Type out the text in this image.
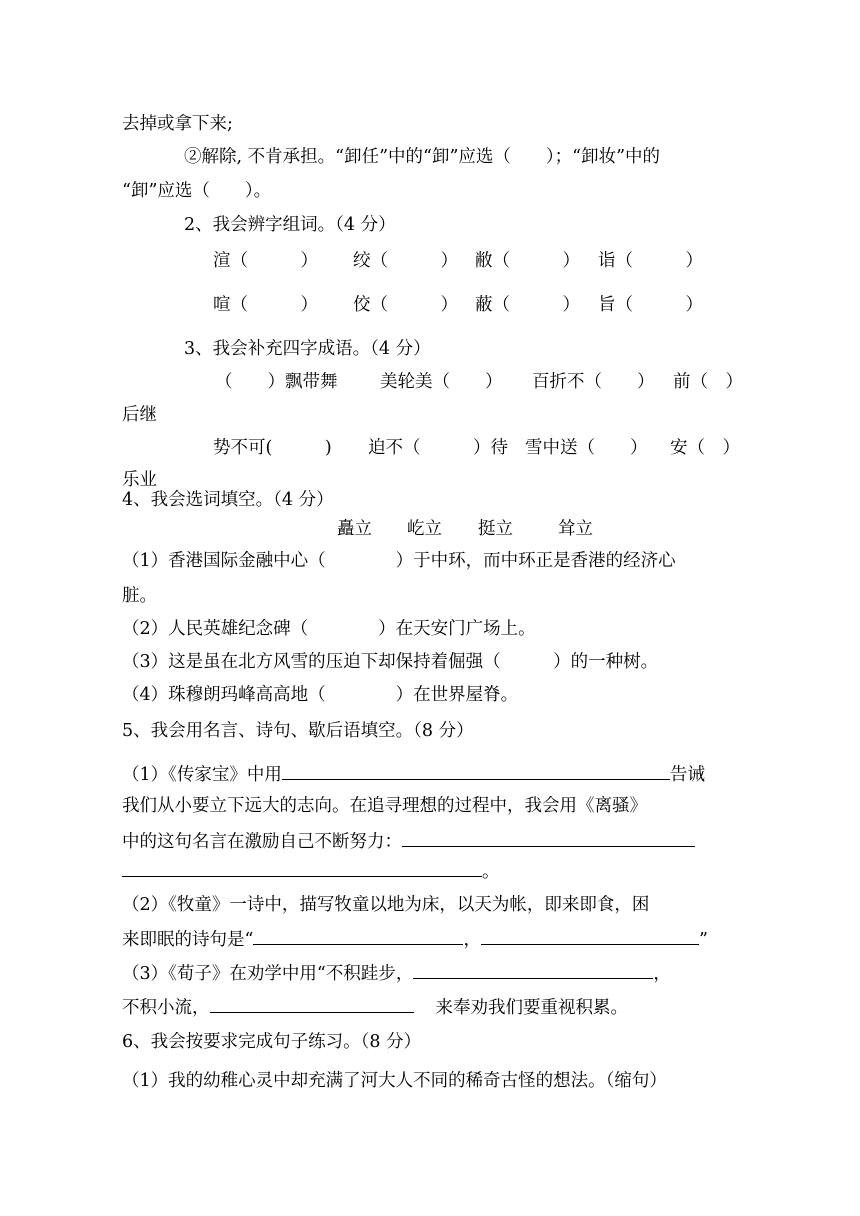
去掉或拿下来;
②解除, 不肯承担。“卸任”中的“卸”应选（　　）；“卸妆”中的
“卸”应选（　　）。
2、我会辨字组词。（4 分）
渲（　　　） 绞（　　　） 敝（　　　） 诣（　　　）
喧（　　　） 佼（　　　） 蔽（　　　） 旨（　　　）
3、我会补充四字成语。（4 分）
（　　）飘带舞 美轮美（　　） 百折不（　　） 前（　）
后继
势不可(　　　) 迫不（　　　）待 雪中送（　　） 安（　）
乐业
4、我会选词填空。（4 分）
矗立 屹立 挺立	耸立
（1）香港国际金融中心（　　　　）于中环，而中环正是香港的经济心
脏。
（2）人民英雄纪念碑（　　　　）在天安门广场上。
（3）这是虽在北方风雪的压迫下却保持着倔强（　　　）的一种树。
（4）珠穆朗玛峰高高地（　　　　）在世界屋脊。
5、我会用名言、诗句、歇后语填空。（8 分）
（1）《传家宝》中用	告诫
我们从小要立下远大的志向。在追寻理想的过程中，我会用《离骚》
中的这句名言在激励自己不断努力：
。
（2）《牧童》一诗中，描写牧童以地为床，以天为帐，即来即食，困
来即眠的诗句是“	，	”
（3）《荀子》在劝学中用“不积跬步，	，
不积小流，	来奉劝我们要重视积累。
6、我会按要求完成句子练习。（8 分）
（1）我的幼稚心灵中却充满了河大人不同的稀奇古怪的想法。（缩句）
